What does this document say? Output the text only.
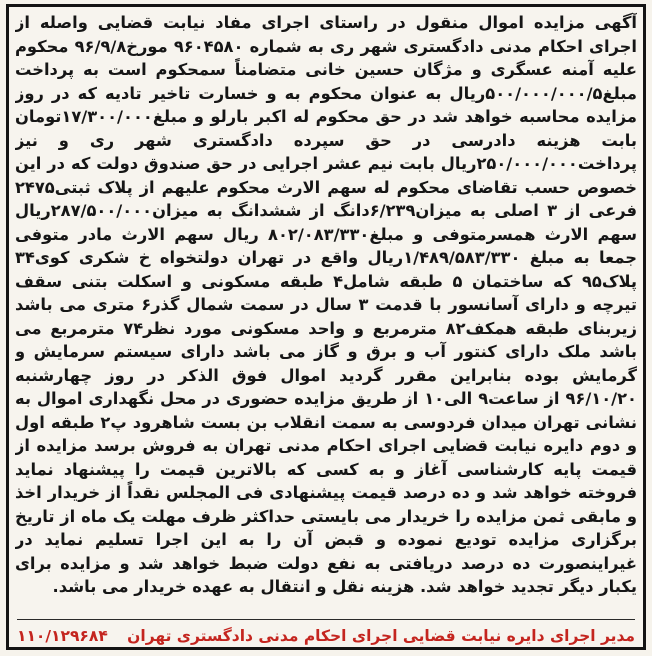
آگهی مزایده اموال منقول در راستای اجرای مفاد نیابت قضایی واصله از اجرای احکام مدنی دادگستری شهر ری به شماره ۹۶۰۴۵۸۰ مورخ۹۶/۹/۸ محکوم علیه آمنه عسگری و مژگان حسین خانی متضامناً سمحکوم است به پرداخت مبلغ۵۰۰/۰۰۰/۰۰۰/۵ریال به عنوان محکوم به و خسارت تاخیر تادیه که در روز مزایده محاسبه خواهد شد در حق محکوم له اکبر بارلو و مبلغ۱۷/۳۰۰/۰۰۰تومان بابت هزینه دادرسی در حق سپرده دادگستری شهر ری و نیز پرداخت۲۵۰/۰۰۰/۰۰۰ریال بابت نیم عشر اجرایی در حق صندوق دولت که در این خصوص حسب تقاضای محکوم له سهم الارث محکوم علیهم از پلاک ثبتی۲۴۷۵ فرعی از ۳ اصلی به میزان۶/۲۳۹دانگ از ششدانگ به میزان۲۸۷/۵۰۰/۰۰۰ریال سهم الارث همسرمتوفی و مبلغ۸۰۲/۰۸۳/۳۳۰ ریال سهم الارث مادر متوفی جمعا به مبلغ ۱/۴۸۹/۵۸۳/۳۳۰ریال واقع در تهران دولتخواه خ شکری کوی۳۴ پلاک۹۵ که ساختمان ۵ طبقه شامل۴ طبقه مسکونی و اسکلت بتنی سقف تیرچه و دارای آسانسور با قدمت ۳ سال در سمت شمال گذر۶ متری می باشد زیربنای طبقه همکف۸۲ مترمربع و واحد مسکونی مورد نظر۷۴ مترمربع می باشد ملک دارای کنتور آب و برق و گاز می باشد دارای سیستم سرمایش و گرمایش بوده بنابراین مقرر گردید اموال فوق الذکر در روز چهارشنبه ۹۶/۱۰/۲۰ از ساعت۹ الی۱۰ از طریق مزایده حضوری در محل نگهداری اموال به نشانی تهران میدان فردوسی به سمت انقلاب بن بست شاهرود پ۲ طبقه اول و دوم دایره نیابت قضایی اجرای احکام مدنی تهران به فروش برسد مزایده از قیمت پایه کارشناسی آغاز و به کسی که بالاترین قیمت را پیشنهاد نماید فروخته خواهد شد و ده درصد قیمت پیشنهادی فی المجلس نقداً از خریدار اخذ و مابقی ثمن مزایده را خریدار می بایستی حداکثر ظرف مهلت یک ماه از تاریخ برگزاری مزایده تودیع نموده و قبض آن را به این اجرا تسلیم نماید در غیراینصورت ده درصد دریافتی به نفع دولت ضبط خواهد شد و مزایده برای یکبار دیگر تجدید خواهد شد. هزینه نقل و انتقال به عهده خریدار می باشد.
مدیر اجرای دایره نیابت قضایی اجرای احکام مدنی دادگستری تهران
۱۱۰/۱۲۹۶۸۴
